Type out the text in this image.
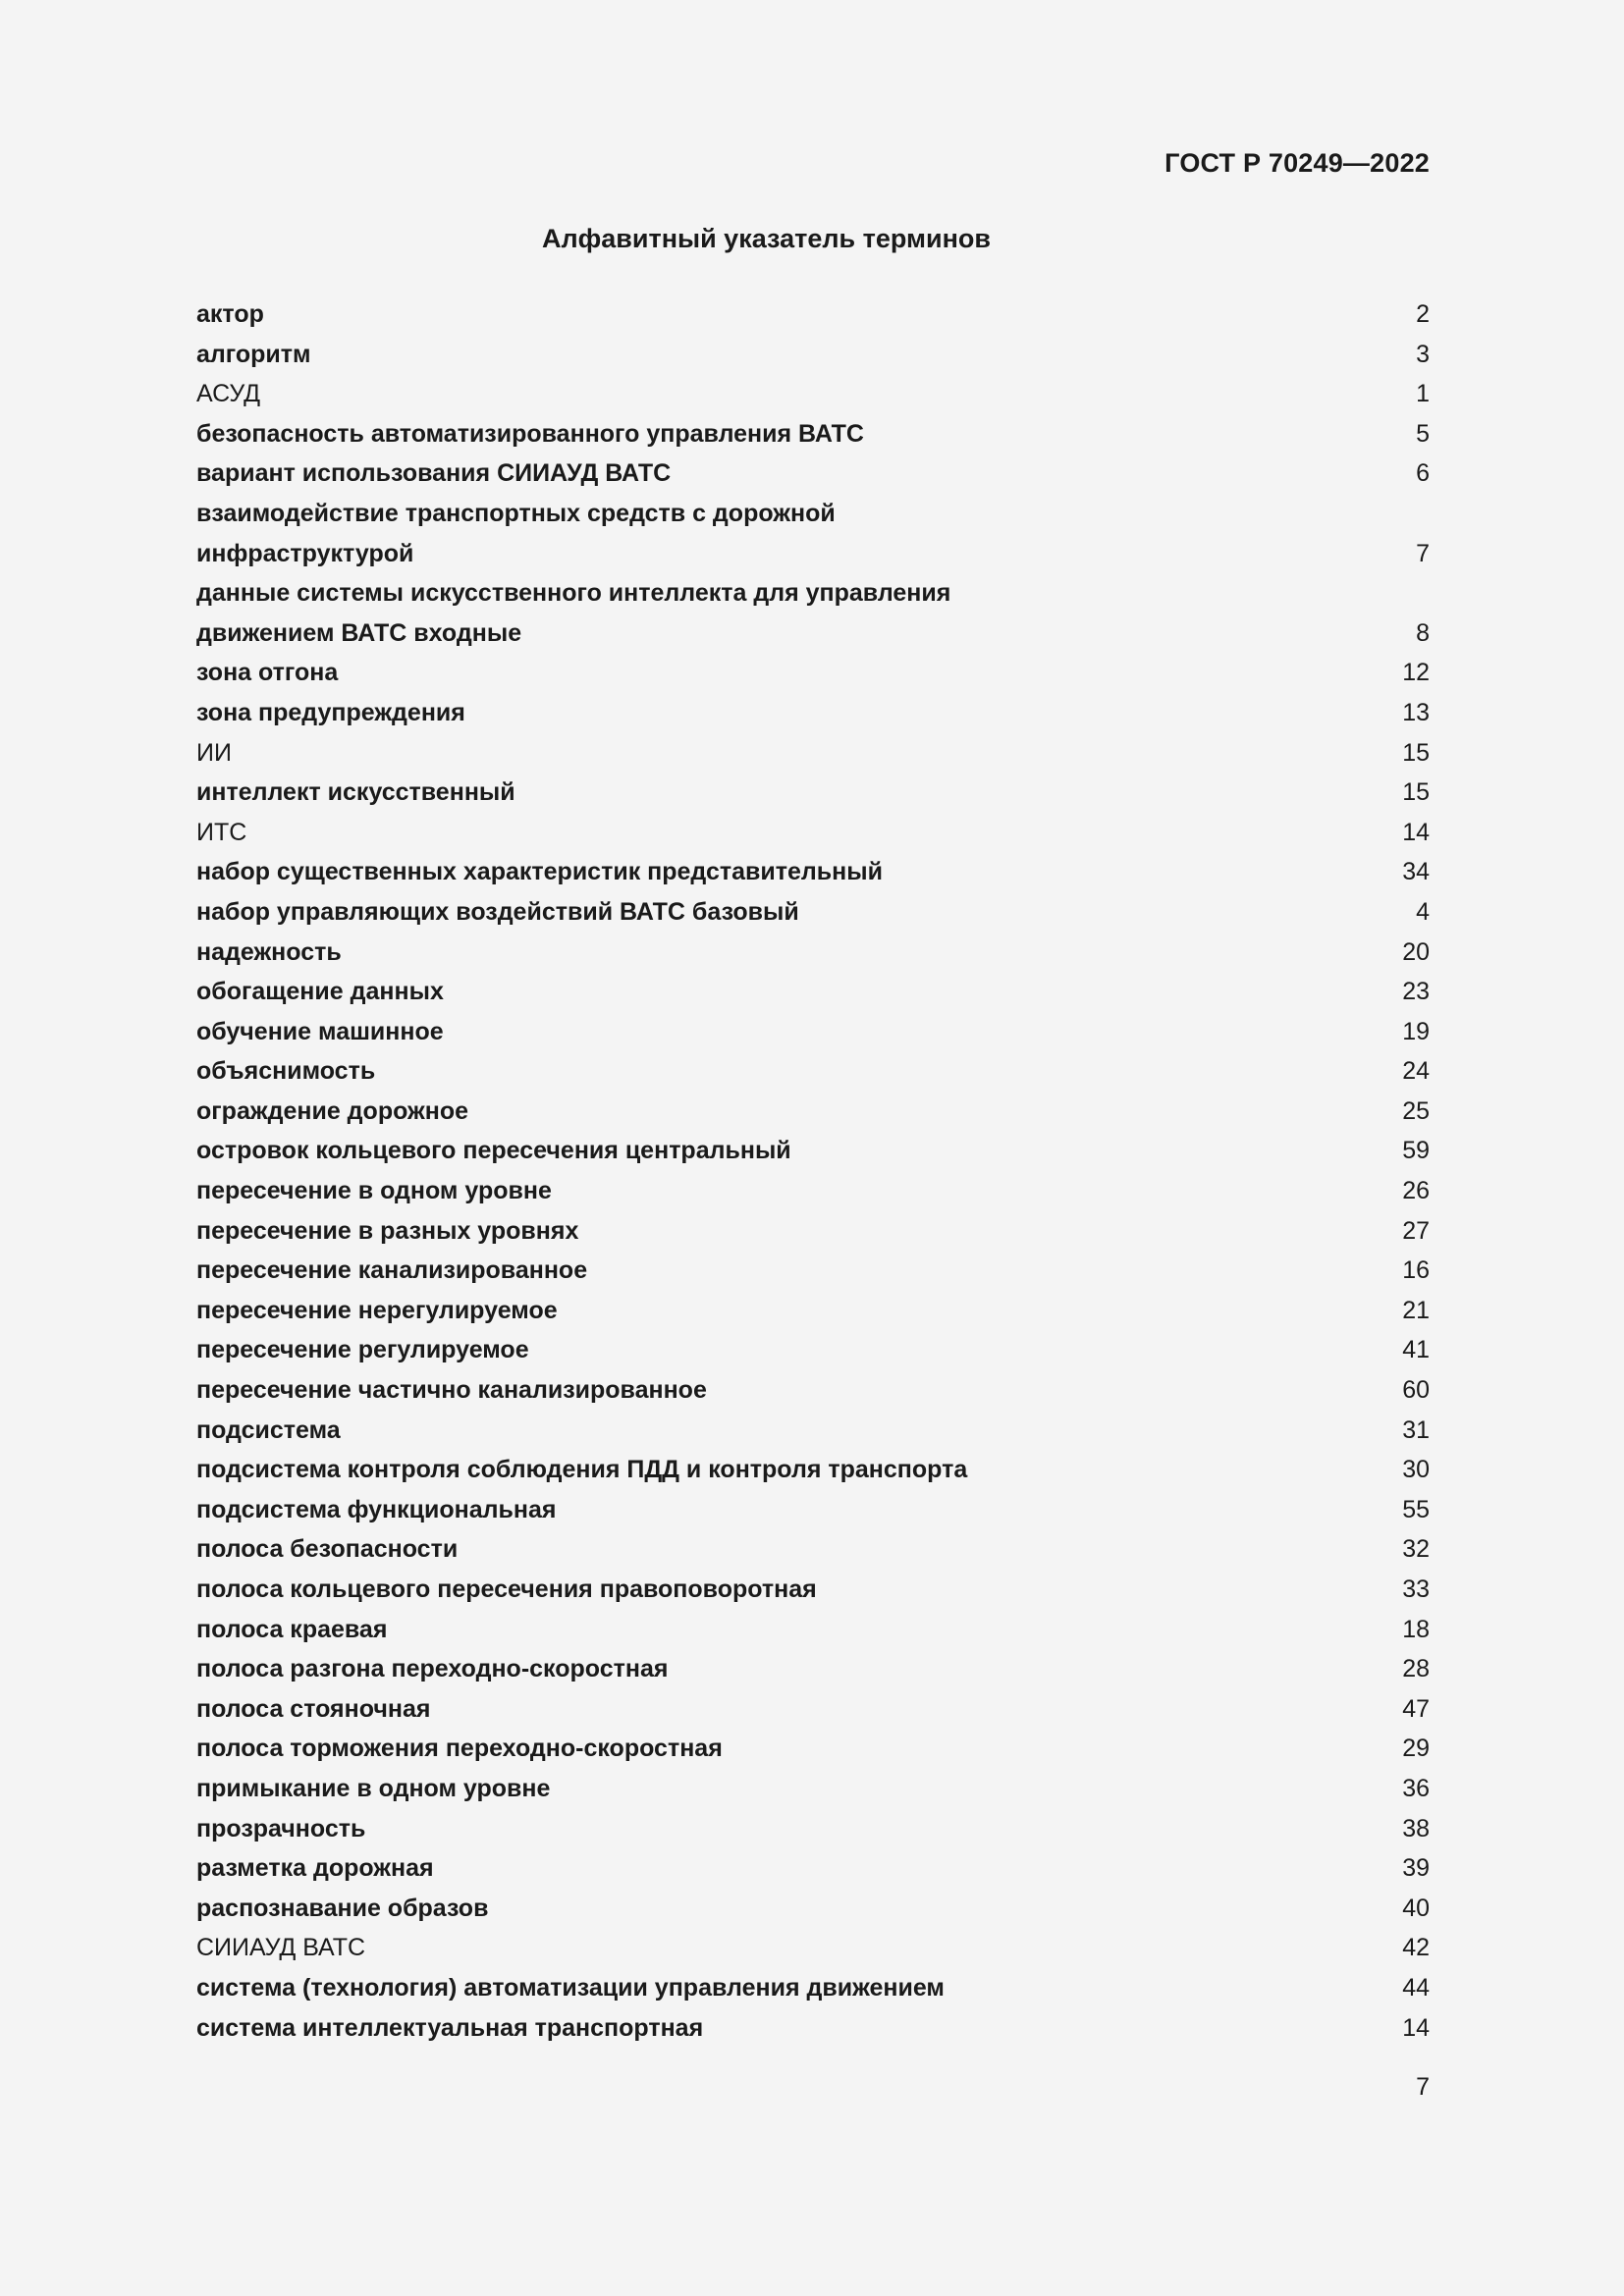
ГОСТ Р 70249—2022
Алфавитный указатель терминов
актор	2
алгоритм	3
АСУД	1
безопасность автоматизированного управления ВАТС	5
вариант использования СИИАУД ВАТС	6
взаимодействие транспортных средств с дорожной
инфраструктурой	7
данные системы искусственного интеллекта для управления
движением ВАТС входные	8
зона отгона	12
зона предупреждения	13
ИИ	15
интеллект искусственный	15
ИТС	14
набор существенных характеристик представительный	34
набор управляющих воздействий ВАТС базовый	4
надежность	20
обогащение данных	23
обучение машинное	19
объяснимость	24
ограждение дорожное	25
островок кольцевого пересечения центральный	59
пересечение в одном уровне	26
пересечение в разных уровнях	27
пересечение канализированное	16
пересечение нерегулируемое	21
пересечение регулируемое	41
пересечение частично канализированное	60
подсистема	31
подсистема контроля соблюдения ПДД и контроля транспорта	30
подсистема функциональная	55
полоса безопасности	32
полоса кольцевого пересечения правоповоротная	33
полоса краевая	18
полоса разгона переходно-скоростная	28
полоса стояночная	47
полоса торможения переходно-скоростная	29
примыкание в одном уровне	36
прозрачность	38
разметка дорожная	39
распознавание образов	40
СИИАУД ВАТС	42
система (технология) автоматизации управления движением	44
система интеллектуальная транспортная	14
7
